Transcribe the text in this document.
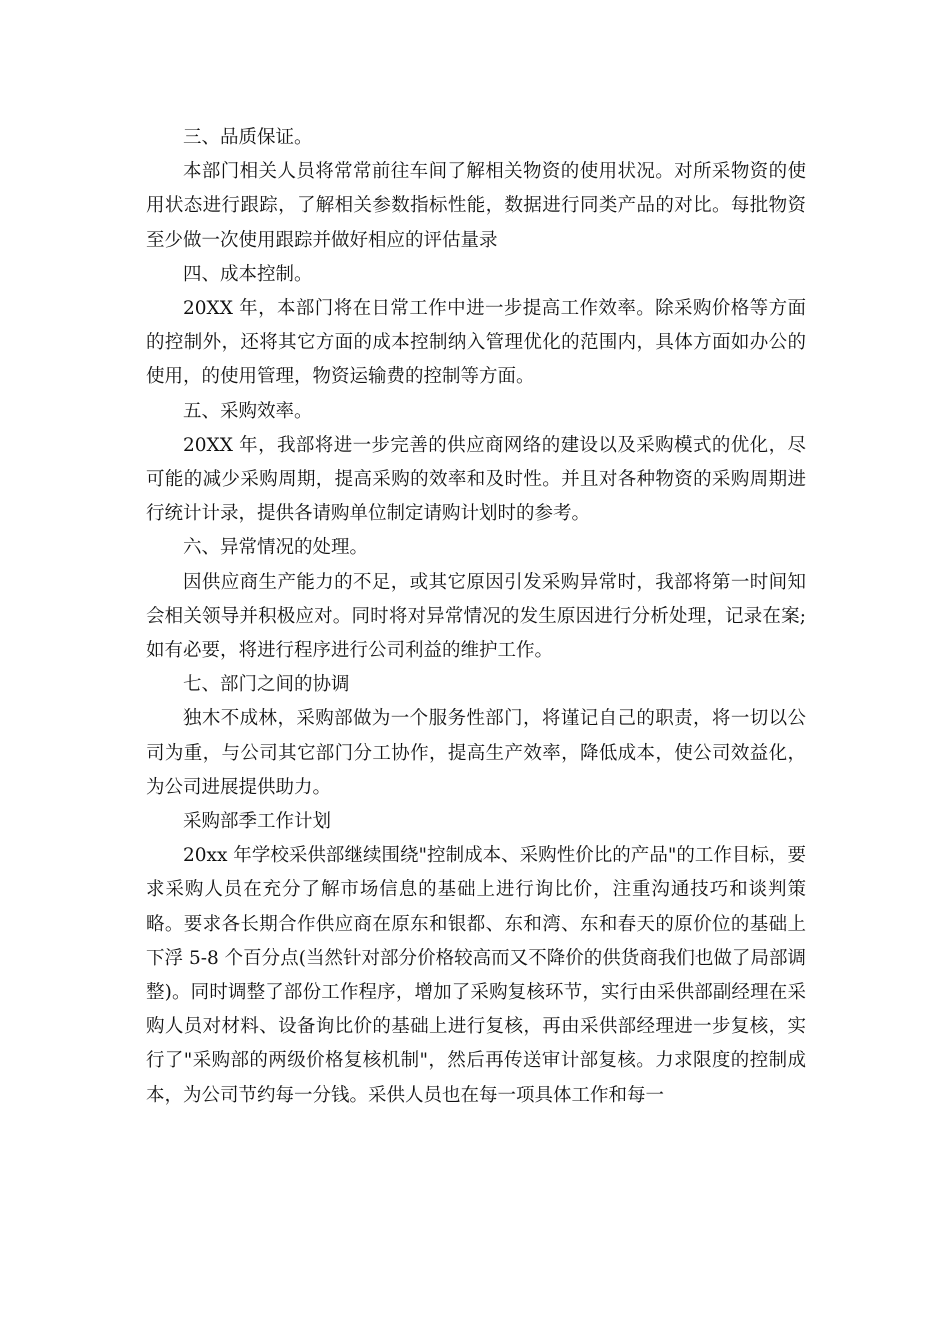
三、品质保证。

本部门相关人员将常常前往车间了解相关物资的使用状况。对所采物资的使用状态进行跟踪，了解相关参数指标性能，数据进行同类产品的对比。每批物资至少做一次使用跟踪并做好相应的评估量录

四、成本控制。

20XX 年，本部门将在日常工作中进一步提高工作效率。除采购价格等方面的控制外，还将其它方面的成本控制纳入管理优化的范围内，具体方面如办公的使用，的使用管理，物资运输费的控制等方面。

五、采购效率。

20XX 年，我部将进一步完善的供应商网络的建设以及采购模式的优化，尽可能的减少采购周期，提高采购的效率和及时性。并且对各种物资的采购周期进行统计计录，提供各请购单位制定请购计划时的参考。

六、异常情况的处理。

因供应商生产能力的不足，或其它原因引发采购异常时，我部将第一时间知会相关领导并积极应对。同时将对异常情况的发生原因进行分析处理，记录在案;如有必要，将进行程序进行公司利益的维护工作。

七、部门之间的协调

独木不成林，采购部做为一个服务性部门，将谨记自己的职责，将一切以公司为重，与公司其它部门分工协作，提高生产效率，降低成本，使公司效益化，为公司进展提供助力。

采购部季工作计划

20xx 年学校采供部继续围绕"控制成本、采购性价比的产品"的工作目标，要求采购人员在充分了解市场信息的基础上进行询比价，注重沟通技巧和谈判策略。要求各长期合作供应商在原东和银都、东和湾、东和春天的原价位的基础上下浮 5-8 个百分点(当然针对部分价格较高而又不降价的供货商我们也做了局部调整)。同时调整了部份工作程序，增加了采购复核环节，实行由采供部副经理在采购人员对材料、设备询比价的基础上进行复核，再由采供部经理进一步复核，实行了"采购部的两级价格复核机制"，然后再传送审计部复核。力求限度的控制成本，为公司节约每一分钱。采供人员也在每一项具体工作和每一
